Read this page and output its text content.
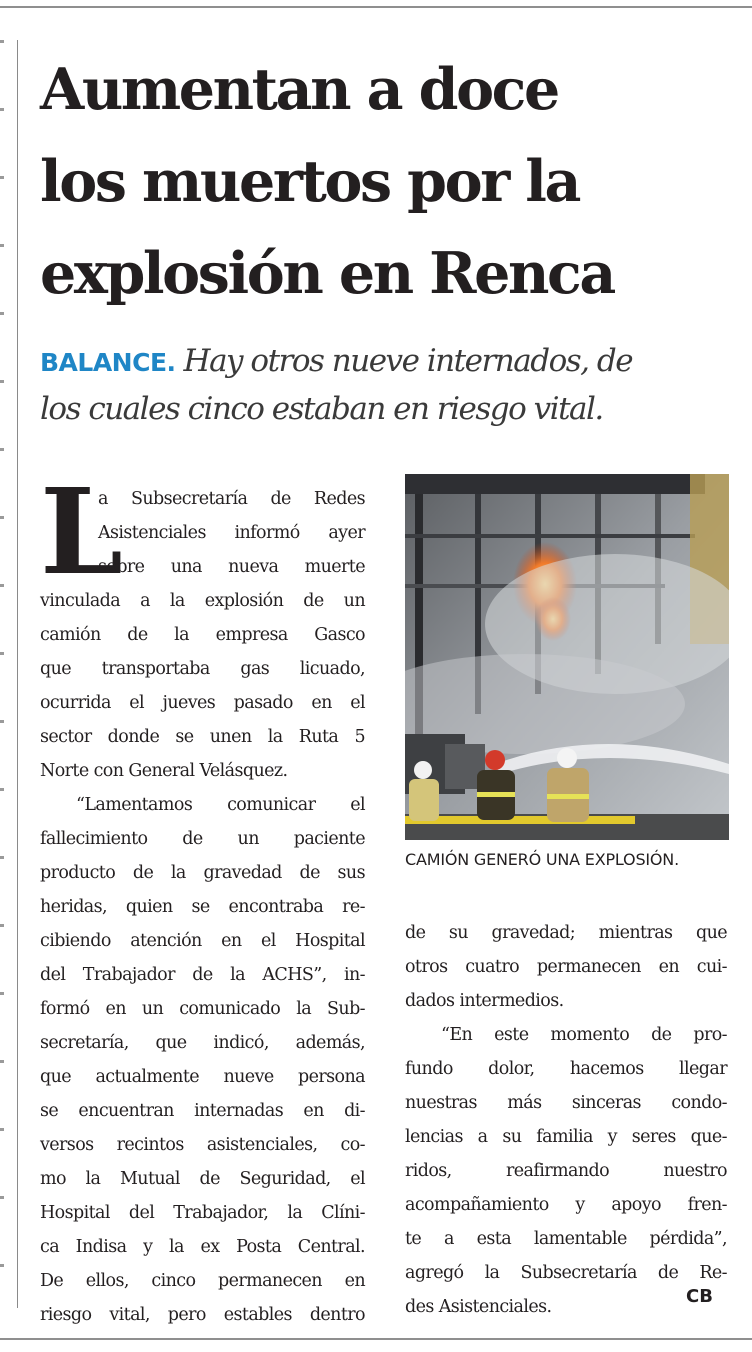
Aumentan a doce
los muertos por la
explosión en Renca

BALANCE. Hay otros nueve internados, de
los cuales cinco estaban en riesgo vital.

L
a Subsecretaría de Redes
Asistenciales informó ayer
sobre una nueva muerte
vinculada a la explosión de un
camión de la empresa Gasco
que transportaba gas licuado,
ocurrida el jueves pasado en el
sector donde se unen la Ruta 5
Norte con General Velásquez.
“Lamentamos comunicar el
fallecimiento de un paciente
producto de la gravedad de sus
heridas, quien se encontraba re-
cibiendo atención en el Hospital
del Trabajador de la ACHS”, in-
formó en un comunicado la Sub-
secretaría, que indicó, además,
que actualmente nueve persona
se encuentran internadas en di-
versos recintos asistenciales, co-
mo la Mutual de Seguridad, el
Hospital del Trabajador, la Clíni-
ca Indisa y la ex Posta Central.
De ellos, cinco permanecen en
riesgo vital, pero estables dentro

CAMIÓN GENERÓ UNA EXPLOSIÓN.

de su gravedad; mientras que
otros cuatro permanecen en cui-
dados intermedios.
“En este momento de pro-
fundo dolor, hacemos llegar
nuestras más sinceras condo-
lencias a su familia y seres que-
ridos, reafirmando nuestro
acompañamiento y apoyo fren-
te a esta lamentable pérdida”,
agregó la Subsecretaría de Re-
des Asistenciales.	CB
